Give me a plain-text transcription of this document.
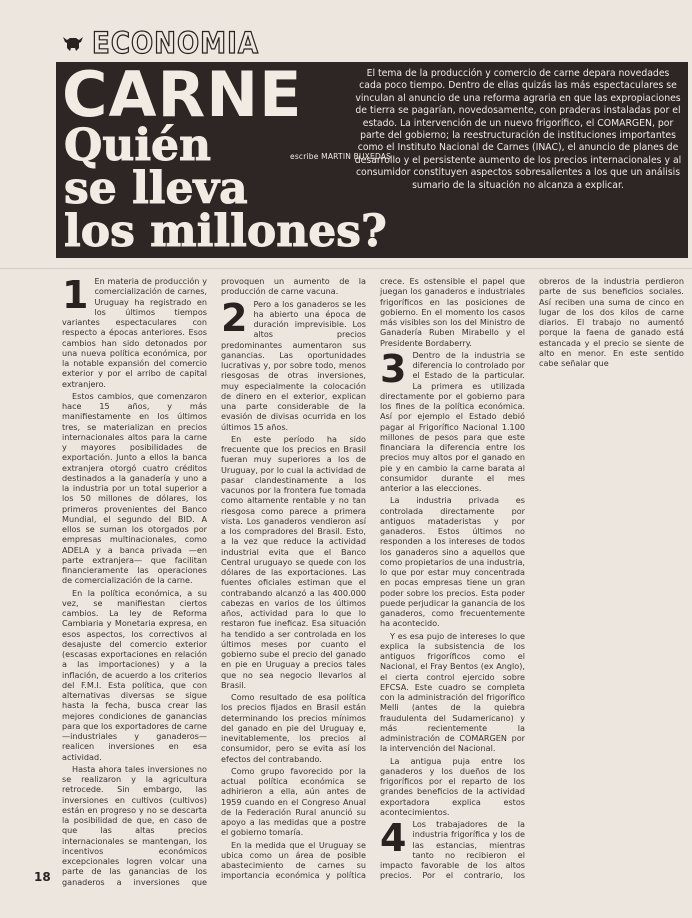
ECONOMIA
CARNE
Quién
se lleva
los millones?
escribe MARTIN BUXEDAS
El tema de la producción y comercio de carne depara novedades cada poco tiempo. Dentro de ellas quizás las más espectaculares se vinculan al anuncio de una reforma agraria en que las expropiaciones de tierra se pagarían, novedosamente, con praderas instaladas por el estado. La intervención de un nuevo frigorífico, el COMARGEN, por parte del gobierno; la reestructuración de instituciones importantes como el Instituto Nacional de Carnes (INAC), el anuncio de planes de desarrollo y el persistente aumento de los precios internacionales y al consumidor constituyen aspectos sobresalientes a los que un análisis sumario de la situación no alcanza a explicar.

1 En materia de producción y comercialización de carnes, Uruguay ha registrado en los últimos tiempos variantes espectaculares con respecto a épocas anteriores. Esos cambios han sido detonados por una nueva política económica, por la notable expansión del comercio exterior y por el arribo de capital extranjero.

Estos cambios, que comenzaron hace 15 años, y más manifiestamente en los últimos tres, se materializan en precios internacionales altos para la carne y mayores posibilidades de exportación. Junto a ellos la banca extranjera otorgó cuatro créditos destinados a la ganadería y uno a la industria por un total superior a los 50 millones de dólares, los primeros provenientes del Banco Mundial, el segundo del BID. A ellos se suman los otorgados por empresas multinacionales, como ADELA y a banca privada —en parte extranjera— que facilitan financieramente las operaciones de comercialización de la carne.

En la política económica, a su vez, se manifiestan ciertos cambios. La ley de Reforma Cambiaria y Monetaria expresa, en esos aspectos, los correctivos al desajuste del comercio exterior (escasas exportaciones en relación a las importaciones) y a la inflación, de acuerdo a los criterios del F.M.I. Esta política, que con alternativas diversas se sigue hasta la fecha, busca crear las mejores condiciones de ganancias para que los exportadores de carne —industriales y ganaderos— realicen inversiones en esa actividad.

Hasta ahora tales inversiones no se realizaron y la agricultura retrocede. Sin embargo, las inversiones en cultivos (cultivos) están en progreso y no se descarta la posibilidad de que, en caso de que las altas precios internacionales se mantengan, los incentivos económicos excepcionales logren volcar una parte de las ganancias de los ganaderos a inversiones que provoquen un aumento de la producción de carne vacuna.

2 Pero a los ganaderos se les ha abierto una época de duración imprevisible. Los altos precios predominantes aumentaron sus ganancias. Las oportunidades lucrativas y, por sobre todo, menos riesgosas de otras inversiones, muy especialmente la colocación de dinero en el exterior, explican una parte considerable de la evasión de divisas ocurrida en los últimos 15 años.

En este período ha sido frecuente que los precios en Brasil fueran muy superiores a los de Uruguay, por lo cual la actividad de pasar clandestinamente a los vacunos por la frontera fue tomada como altamente rentable y no tan riesgosa como parece a primera vista. Los ganaderos vendieron así a los compradores del Brasil. Esto, a la vez que reduce la actividad industrial evita que el Banco Central uruguayo se quede con los dólares de las exportaciones. Las fuentes oficiales estiman que el contrabando alcanzó a las 400.000 cabezas en varios de los últimos años, actividad para lo que lo restaron fue ineficaz. Esa situación ha tendido a ser controlada en los últimos meses por cuanto el gobierno sube el precio del ganado en pie en Uruguay a precios tales que no sea negocio llevarlos al Brasil.

Como resultado de esa política los precios fijados en Brasil están determinando los precios mínimos del ganado en pie del Uruguay e, inevitablemente, los precios al consumidor, pero se evita así los efectos del contrabando.

Como grupo favorecido por la actual política económica se adhirieron a ella, aún antes de 1959 cuando en el Congreso Anual de la Federación Rural anunció su apoyo a las medidas que a postre el gobierno tomaría.

En la medida que el Uruguay se ubica como un área de posible abastecimiento de carnes su importancia económica y política crece. Es ostensible el papel que juegan los ganaderos e industriales frigoríficos en las posiciones de gobierno. En el momento los casos más visibles son los del Ministro de Ganadería Ruben Mirabello y el Presidente Bordaberry.

3 Dentro de la industria se diferencia lo controlado por el Estado de la particular. La primera es utilizada directamente por el gobierno para los fines de la política económica. Así por ejemplo el Estado debió pagar al Frigorífico Nacional 1.100 millones de pesos para que este financiara la diferencia entre los precios muy altos por el ganado en pie y en cambio la carne barata al consumidor durante el mes anterior a las elecciones.

La industria privada es controlada directamente por antiguos mataderistas y por ganaderos. Estos últimos no responden a los intereses de todos los ganaderos sino a aquellos que como propietarios de una industria, lo que por estar muy concentrada en pocas empresas tiene un gran poder sobre los precios. Esta poder puede perjudicar la ganancia de los ganaderos, como frecuentemente ha acontecido.

Y es esa pujo de intereses lo que explica la subsistencia de los antiguos frigoríficos como el Nacional, el Fray Bentos (ex Anglo), el cierta control ejercido sobre EFCSA. Este cuadro se completa con la administración del frigorífico Melli (antes de la quiebra fraudulenta del Sudamericano) y más recientemente la administración de COMARGEN por la intervención del Nacional.

La antigua puja entre los ganaderos y los dueños de los frigoríficos por el reparto de los grandes beneficios de la actividad exportadora explica estos acontecimientos.

4 Los trabajadores de la industria frigorífica y los de las estancias, mientras tanto no recibieron el impacto favorable de los altos precios. Por el contrario, los obreros de la industria perdieron parte de sus beneficios sociales. Así reciben una suma de cinco en lugar de los dos kilos de carne diarios. El trabajo no aumentó porque la faena de ganado está estancada y el precio se siente de alto en menor. En este sentido cabe señalar que

18
